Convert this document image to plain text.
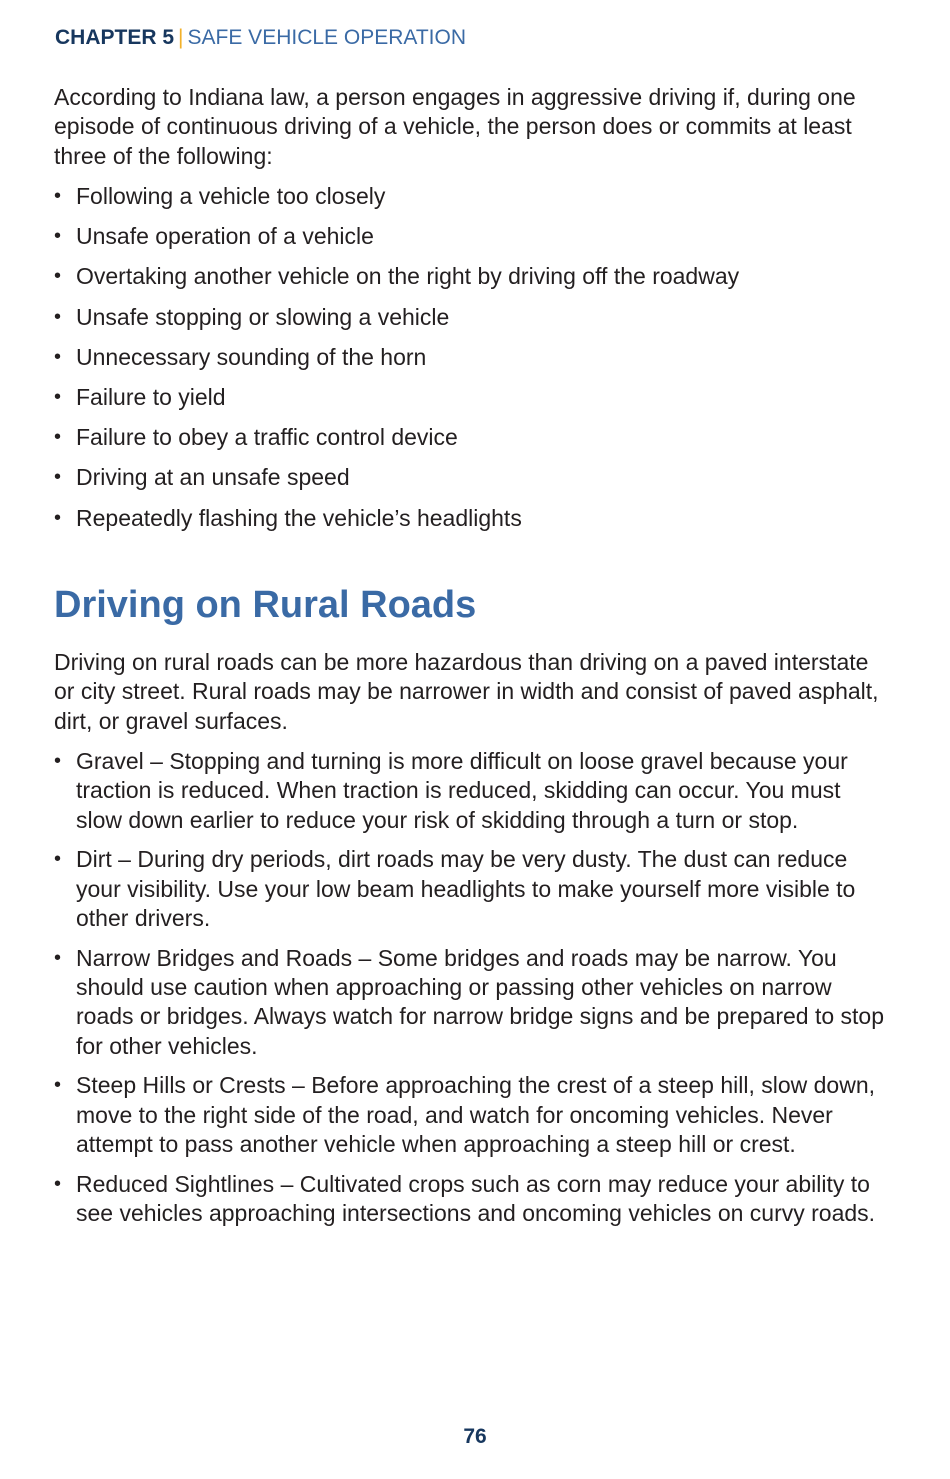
CHAPTER 5 | SAFE VEHICLE OPERATION

According to Indiana law, a person engages in aggressive driving if, during one episode of continuous driving of a vehicle, the person does or commits at least three of the following:

• Following a vehicle too closely
• Unsafe operation of a vehicle
• Overtaking another vehicle on the right by driving off the roadway
• Unsafe stopping or slowing a vehicle
• Unnecessary sounding of the horn
• Failure to yield
• Failure to obey a traffic control device
• Driving at an unsafe speed
• Repeatedly flashing the vehicle’s headlights
Driving on Rural Roads

Driving on rural roads can be more hazardous than driving on a paved interstate or city street. Rural roads may be narrower in width and consist of paved asphalt, dirt, or gravel surfaces.

• Gravel – Stopping and turning is more difficult on loose gravel because your traction is reduced. When traction is reduced, skidding can occur. You must slow down earlier to reduce your risk of skidding through a turn or stop.
• Dirt – During dry periods, dirt roads may be very dusty. The dust can reduce your visibility. Use your low beam headlights to make yourself more visible to other drivers.
• Narrow Bridges and Roads – Some bridges and roads may be narrow. You should use caution when approaching or passing other vehicles on narrow roads or bridges. Always watch for narrow bridge signs and be prepared to stop for other vehicles.
• Steep Hills or Crests – Before approaching the crest of a steep hill, slow down, move to the right side of the road, and watch for oncoming vehicles. Never attempt to pass another vehicle when approaching a steep hill or crest.
• Reduced Sightlines – Cultivated crops such as corn may reduce your ability to see vehicles approaching intersections and oncoming vehicles on curvy roads.
76
